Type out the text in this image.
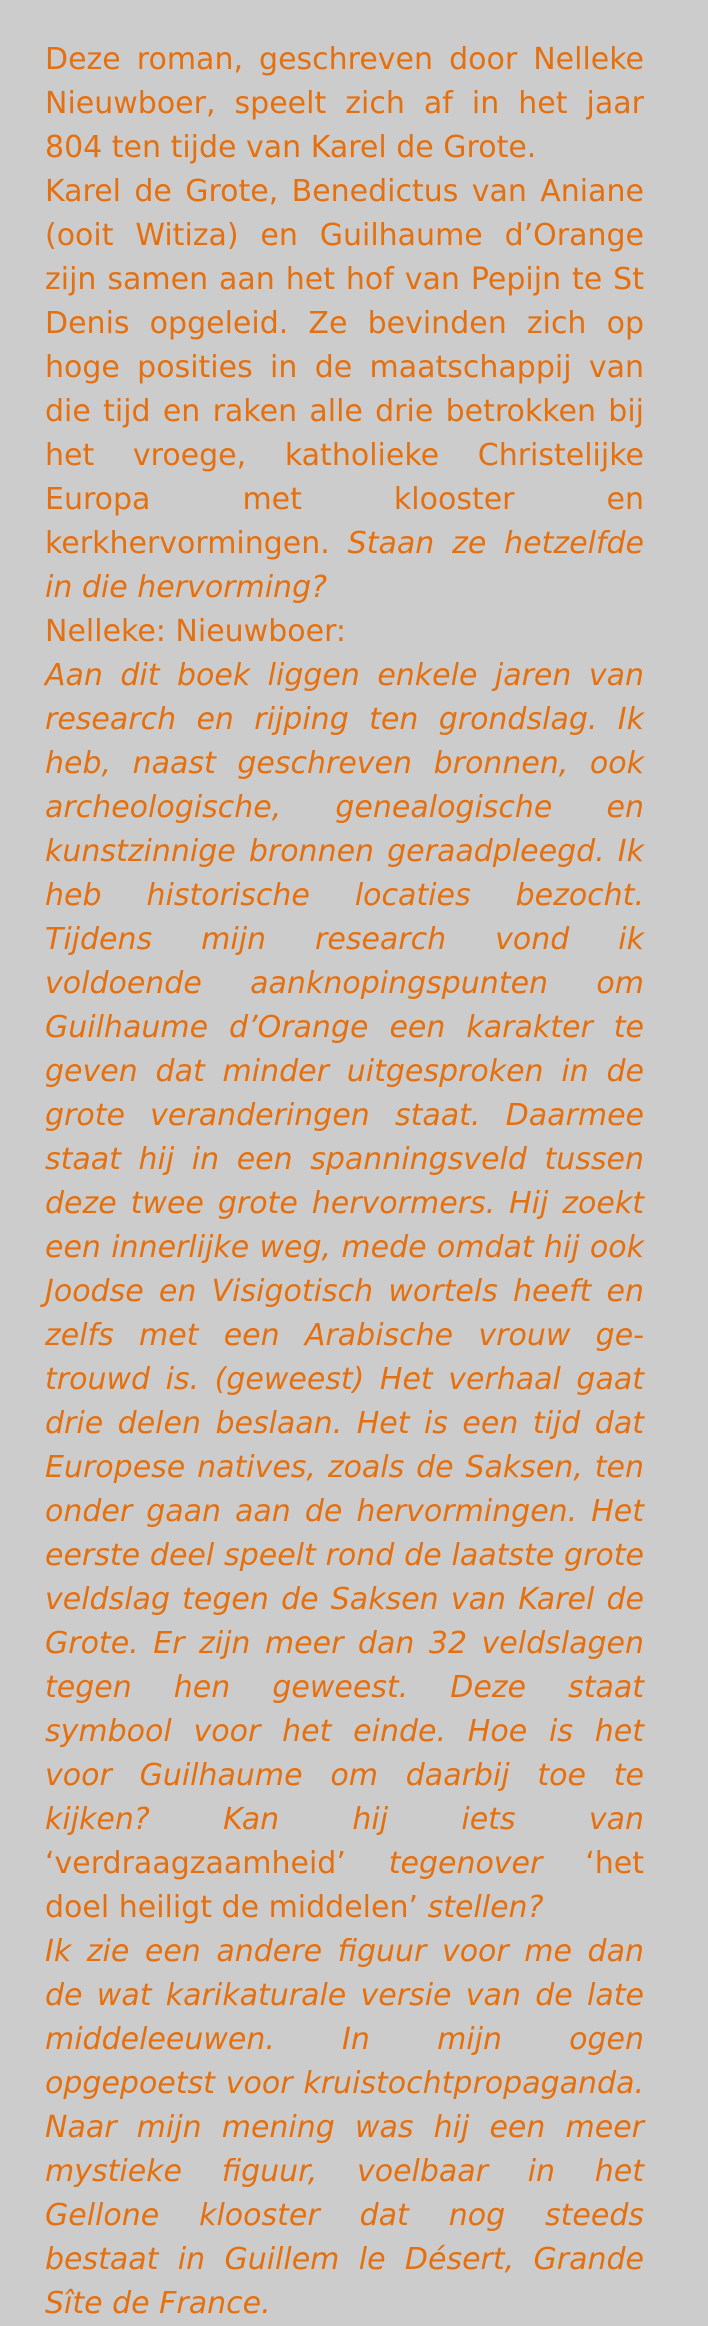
Deze roman, geschreven door Nelleke Nieuwboer, speelt zich af in het jaar 804 ten tijde van Karel de Grote.

Karel de Grote, Benedictus van Aniane (ooit Witiza) en Guilhaume d’Orange zijn samen aan het hof van Pepijn te St Denis opgeleid. Ze bevinden zich op hoge posities in de maatschappij van die tijd en raken alle drie betrokken bij het vroege, katholieke Christelijke Europa met klooster en kerkhervormingen. Staan ze hetzelfde in die hervorming?

Nelleke: Nieuwboer:

Aan dit boek liggen enkele jaren van research en rijping ten grondslag. Ik heb, naast geschreven bronnen, ook archeologische, genealogische en kunstzinnige bronnen geraadpleegd. Ik heb historische locaties bezocht. Tijdens mijn research vond ik voldoende aanknopingspunten om Guilhaume d’Orange een karakter te geven dat minder uitgesproken in de grote veranderingen staat. Daarmee staat hij in een spanningsveld tussen deze twee grote hervormers. Hij zoekt een innerlijke weg, mede omdat hij ook Joodse en Visigotisch wortels heeft en zelfs met een Arabische vrouw getrouwd is. (geweest) Het verhaal gaat drie delen beslaan. Het is een tijd dat Europese natives, zoals de Saksen, ten onder gaan aan de hervormingen. Het eerste deel speelt rond de laatste grote veldslag tegen de Saksen van Karel de Grote. Er zijn meer dan 32 veldslagen tegen hen geweest. Deze staat symbool voor het einde. Hoe is het voor Guilhaume om daarbij toe te kijken? Kan hij iets van ‘verdraagzaamheid’ tegenover ‘het doel heiligt de middelen’ stellen?

Ik zie een andere figuur voor me dan de wat karikaturale versie van de late middeleeuwen. In mijn ogen opgepoetst voor kruistochtpropaganda. Naar mijn mening was hij een meer mystieke figuur, voelbaar in het Gellone klooster dat nog steeds bestaat in Guillem le Désert, Grande Sîte de France.
